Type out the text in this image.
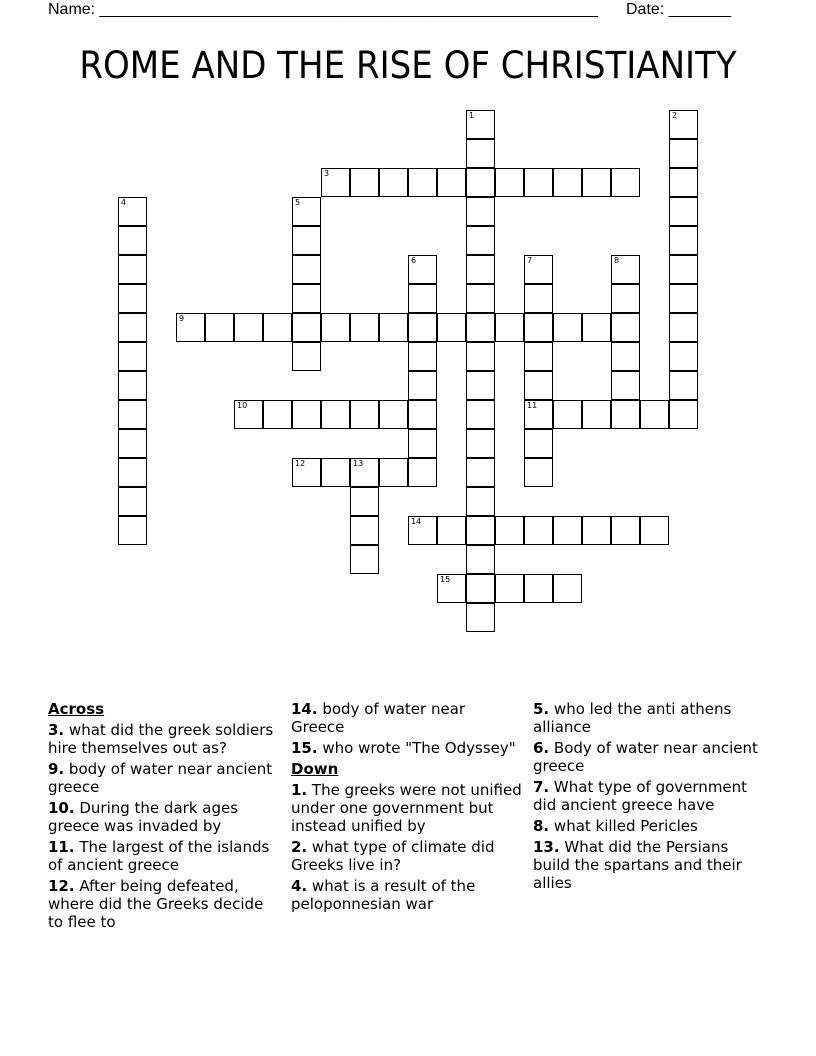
Name: ________________________________________________________ Date: _______
ROME AND THE RISE OF CHRISTIANITY
1	2
3
4	5
6	7
11
8
9
10
12	13
14
15
Across
3. what did the greek soldiers hire themselves out as?
9. body of water near ancient greece
10. During the dark ages greece was invaded by
11. The largest of the islands of ancient greece
12. After being defeated, where did the Greeks decide to flee to
14. body of water near Greece
15. who wrote "The Odyssey"
Down
1. The greeks were not unified under one government but instead unified by
2. what type of climate did Greeks live in?
4. what is a result of the peloponnesian war
5. who led the anti athens alliance
6. Body of water near ancient greece
7. What type of government did ancient greece have
8. what killed Pericles
13. What did the Persians build the spartans and their allies
